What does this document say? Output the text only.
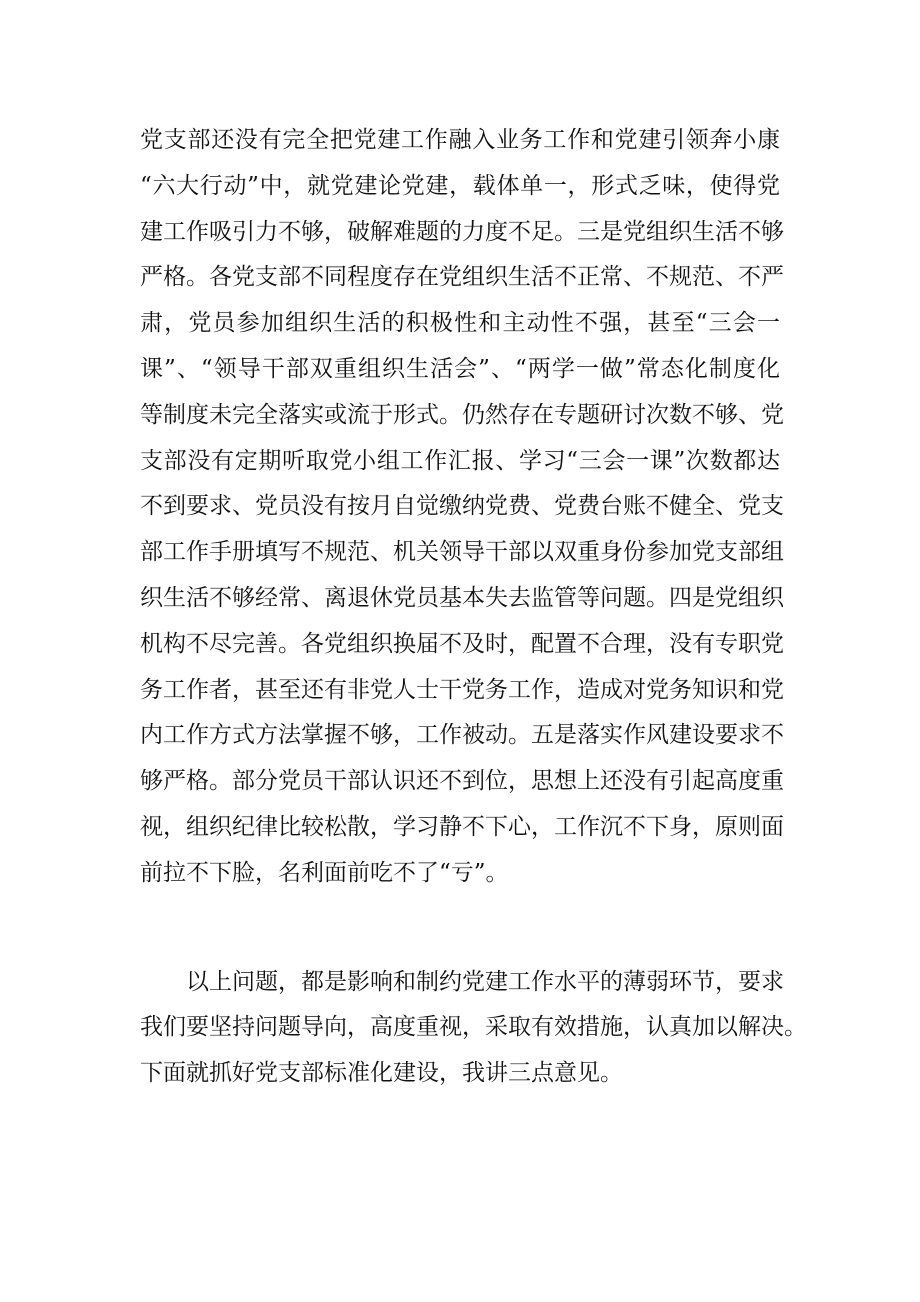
党支部还没有完全把党建工作融入业务工作和党建引领奔小康
“六大行动”中，就党建论党建，载体单一，形式乏味，使得党
建工作吸引力不够，破解难题的力度不足。三是党组织生活不够
严格。各党支部不同程度存在党组织生活不正常、不规范、不严
肃，党员参加组织生活的积极性和主动性不强，甚至“三会一
课”、“领导干部双重组织生活会”、“两学一做”常态化制度化
等制度未完全落实或流于形式。仍然存在专题研讨次数不够、党
支部没有定期听取党小组工作汇报、学习“三会一课”次数都达
不到要求、党员没有按月自觉缴纳党费、党费台账不健全、党支
部工作手册填写不规范、机关领导干部以双重身份参加党支部组
织生活不够经常、离退休党员基本失去监管等问题。四是党组织
机构不尽完善。各党组织换届不及时，配置不合理，没有专职党
务工作者，甚至还有非党人士干党务工作，造成对党务知识和党
内工作方式方法掌握不够，工作被动。五是落实作风建设要求不
够严格。部分党员干部认识还不到位，思想上还没有引起高度重
视，组织纪律比较松散，学习静不下心，工作沉不下身，原则面
前拉不下脸，名利面前吃不了“亏”。
以上问题，都是影响和制约党建工作水平的薄弱环节，要求
我们要坚持问题导向，高度重视，采取有效措施，认真加以解决。
下面就抓好党支部标准化建设，我讲三点意见。
